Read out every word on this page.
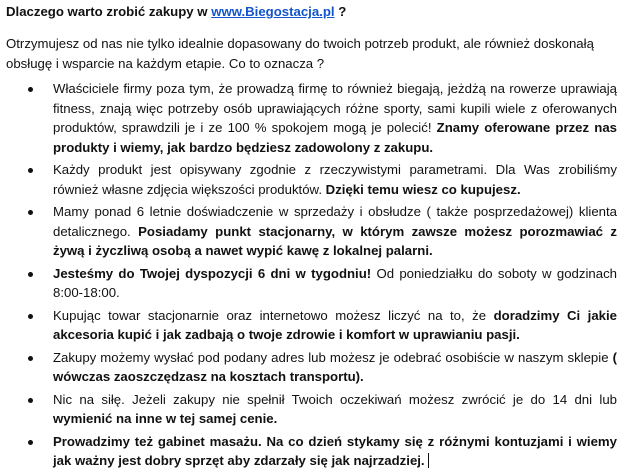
Dlaczego warto zrobić zakupy w www.Biegostacja.pl ?
Otrzymujesz od nas nie tylko idealnie dopasowany do twoich potrzeb produkt, ale również doskonałą obsługę i wsparcie na każdym etapie. Co to oznacza ?
Właściciele firmy poza tym, że prowadzą firmę to również biegają, jeżdżą na rowerze uprawiają fitness, znają więc potrzeby osób uprawiających różne sporty, sami kupili wiele z oferowanych produktów, sprawdzili je i ze 100 % spokojem mogą je polecić! Znamy oferowane przez nas produkty i wiemy, jak bardzo będziesz zadowolony z zakupu.
Każdy produkt jest opisywany zgodnie z rzeczywistymi parametrami. Dla Was zrobiliśmy również własne zdjęcia większości produktów. Dzięki temu wiesz co kupujesz.
Mamy ponad 6 letnie doświadczenie w sprzedaży i obsłudze ( także posprzedażowej) klienta detalicznego. Posiadamy punkt stacjonarny, w którym zawsze możesz porozmawiać z żywą i życzliwą osobą a nawet wypić kawę z lokalnej palarni.
Jesteśmy do Twojej dyspozycji 6 dni w tygodniu! Od poniedziałku do soboty w godzinach 8:00-18:00.
Kupując towar stacjonarnie oraz internetowo możesz liczyć na to, że doradzimy Ci jakie akcesoria kupić i jak zadbają o twoje zdrowie i komfort w uprawianiu pasji.
Zakupy możemy wysłać pod podany adres lub możesz je odebrać osobiście w naszym sklepie ( wówczas zaoszczędzasz na kosztach transportu).
Nic na siłę. Jeżeli zakupy nie spełnił Twoich oczekiwań możesz zwrócić je do 14 dni lub wymienić na inne w tej samej cenie.
Prowadzimy też gabinet masażu. Na co dzień stykamy się z różnymi kontuzjami i wiemy jak ważny jest dobry sprzęt aby zdarzały się jak najrzadziej.
